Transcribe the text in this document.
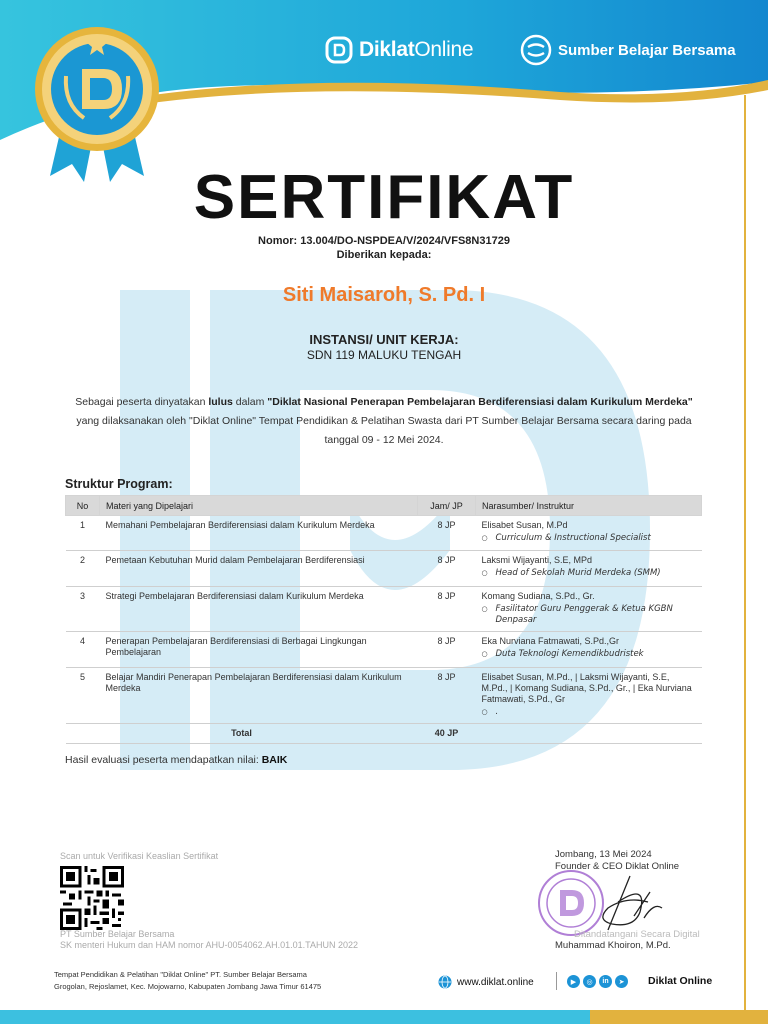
DiklatOnline	Sumber Belajar Bersama
SERTIFIKAT
Nomor: 13.004/DO-NSPDEA/V/2024/VFS8N31729
Diberikan kepada:
Siti Maisaroh, S. Pd. I
INSTANSI/ UNIT KERJA:
SDN 119 MALUKU TENGAH
Sebagai peserta dinyatakan lulus dalam "Diklat Nasional Penerapan Pembelajaran Berdiferensiasi dalam Kurikulum Merdeka" yang dilaksanakan oleh "Diklat Online" Tempat Pendidikan & Pelatihan Swasta dari PT Sumber Belajar Bersama secara daring pada tanggal 09 - 12 Mei 2024.
Struktur Program:
No	Materi yang Dipelajari	Jam/ JP	Narasumber/ Instruktur
1	Memahani Pembelajaran Berdiferensiasi dalam Kurikulum Merdeka	8 JP	Elisabet Susan, M.Pd
○ Curriculum & Instructional Specialist

2	Pemetaan Kebutuhan Murid dalam Pembelajaran Berdiferensiasi	8 JP	Laksmi Wijayanti, S.E, MPd
○ Head of Sekolah Murid Merdeka (SMM)

3	Strategi Pembelajaran Berdiferensiasi dalam Kurikulum Merdeka	8 JP	Komang Sudiana, S.Pd., Gr.
○ Fasilitator Guru Penggerak & Ketua KGBN Denpasar

4	Penerapan Pembelajaran Berdiferensiasi di Berbagai Lingkungan Pembelajaran	8 JP	Eka Nurviana Fatmawati, S.Pd.,Gr
○ Duta Teknologi Kemendikbudristek

5	Belajar Mandiri Penerapan Pembelajaran Berdiferensiasi dalam Kurikulum Merdeka	8 JP	Elisabet Susan, M.Pd., | Laksmi Wijayanti, S.E, M.Pd., | Komang Sudiana, S.Pd., Gr., | Eka Nurviana Fatmawati, S.Pd., Gr
○ .

Total		40 JP	
Hasil evaluasi peserta mendapatkan nilai: BAIK
Scan untuk Verifikasi Keaslian Sertifikat
PT Sumber Belajar Bersama
SK menteri Hukum dan HAM nomor AHU-0054062.AH.01.01.TAHUN 2022
Jombang, 13 Mei 2024
Founder & CEO Diklat Online
Ditandatangani Secara Digital
Muhammad Khoiron, M.Pd.
Tempat Pendidikan & Pelatihan "Diklat Online" PT. Sumber Belajar Bersama
Grogolan, Rejoslamet, Kec. Mojowarno, Kabupaten Jombang Jawa Timur 61475	www.diklat.online	▶	◎	in	➤	Diklat Online
